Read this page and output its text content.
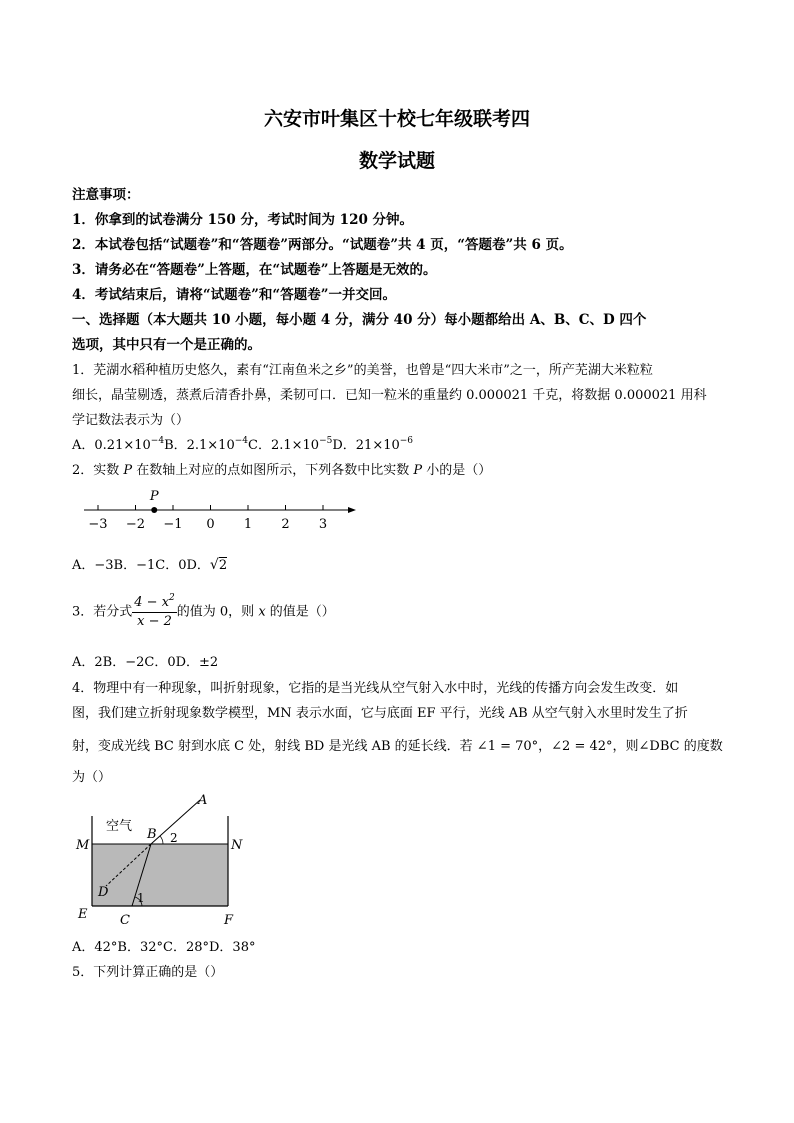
六安市叶集区十校七年级联考四
数学试题
注意事项：
1．你拿到的试卷满分 150 分，考试时间为 120 分钟。
2．本试卷包括“试题卷”和“答题卷”两部分。“试题卷”共 4 页，“答题卷”共 6 页。
3．请务必在“答题卷”上答题，在“试题卷”上答题是无效的。
4．考试结束后，请将“试题卷”和“答题卷”一并交回。
一、选择题（本大题共 10 小题，每小题 4 分，满分 40 分）每小题都给出 A、B、C、D 四个
选项，其中只有一个是正确的。
1．芜湖水稻种植历史悠久，素有“江南鱼米之乡”的美誉，也曾是“四大米市”之一，所产芜湖大米粒粒
细长，晶莹剔透，蒸煮后清香扑鼻，柔韧可口．已知一粒米的重量约 0.000021 千克，将数据 0.000021 用科
学记数法表示为（）
A．$0.21\times 10^{-4}B$．$2.1\times 10^{-4}C$．$2.1\times 10^{-5}D$．$21\times 10^{-6}$
2．实数 P 在数轴上对应的点如图所示，下列各数中比实数 P 小的是（）
−3 −2 −1 0 1 2 3
P
A．−3B．−1C．0D．√2
3．若分式 $\frac{4 - x^2}{x - 2}$ 的值为 0，则 x 的值是（）
A．2B．−2C．0D．±2
4．物理中有一种现象，叫折射现象，它指的是当光线从空气射入水中时，光线的传播方向会发生改变．如
图，我们建立折射现象数学模型，MN 表示水面，它与底面 EF 平行，光线 AB 从空气射入水里时发生了折
射，变成光线 BC 射到水底 C 处，射线 BD 是光线 AB 的延长线．若 ∠1 = 70°，∠2 = 42°，则∠DBC 的度数
为（）
空气
A
B 2
M	N
D 1
E	C	F
A．42°B．32°C．28°D．38°
5．下列计算正确的是（）
